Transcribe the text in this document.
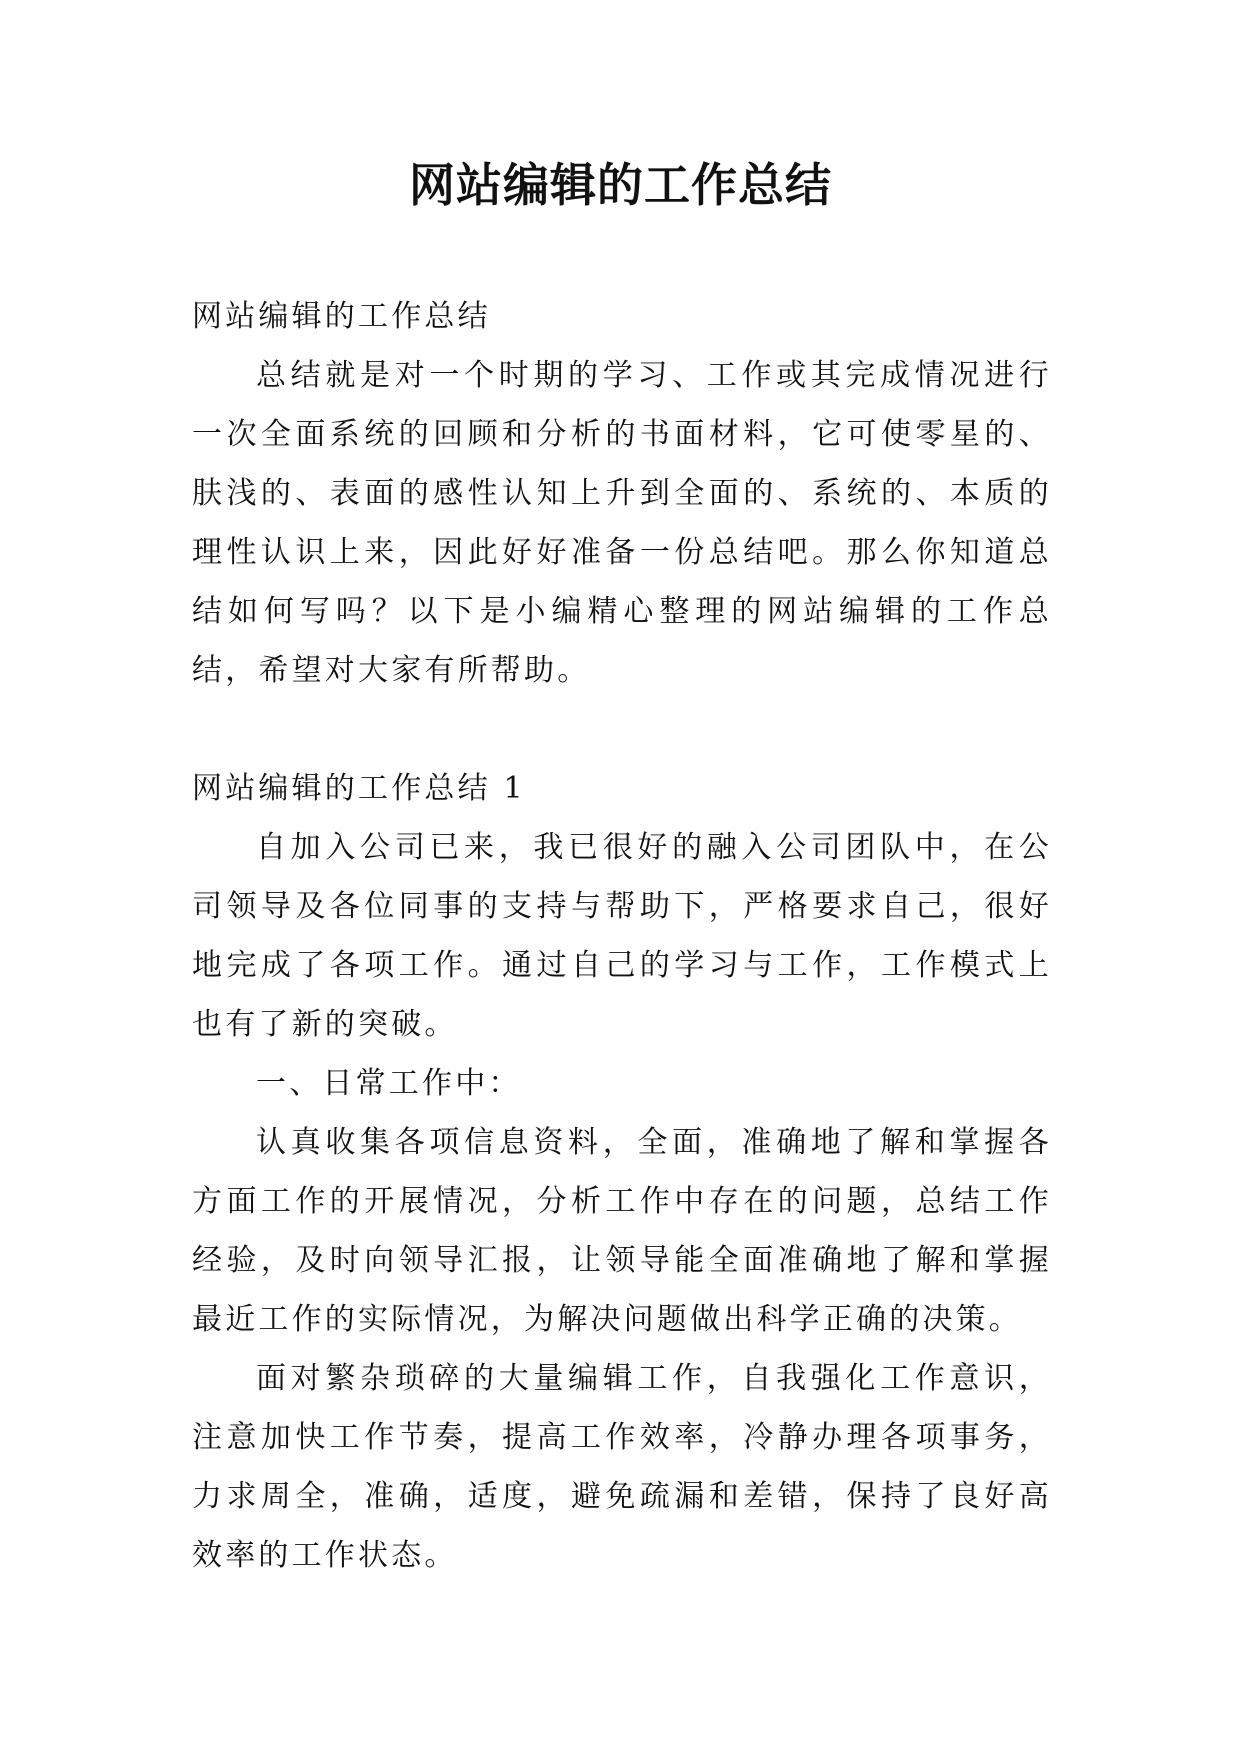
网站编辑的工作总结

网站编辑的工作总结

总结就是对一个时期的学习、工作或其完成情况进行一次全面系统的回顾和分析的书面材料，它可使零星的、肤浅的、表面的感性认知上升到全面的、系统的、本质的理性认识上来，因此好好准备一份总结吧。那么你知道总结如何写吗？以下是小编精心整理的网站编辑的工作总结，希望对大家有所帮助。

网站编辑的工作总结 1

自加入公司已来，我已很好的融入公司团队中，在公司领导及各位同事的支持与帮助下，严格要求自己，很好地完成了各项工作。通过自己的学习与工作，工作模式上也有了新的突破。

一、日常工作中：

认真收集各项信息资料，全面，准确地了解和掌握各方面工作的开展情况，分析工作中存在的问题，总结工作经验，及时向领导汇报，让领导能全面准确地了解和掌握最近工作的实际情况，为解决问题做出科学正确的决策。

面对繁杂琐碎的大量编辑工作，自我强化工作意识，注意加快工作节奏，提高工作效率，冷静办理各项事务，力求周全，准确，适度，避免疏漏和差错，保持了良好高效率的工作状态。
